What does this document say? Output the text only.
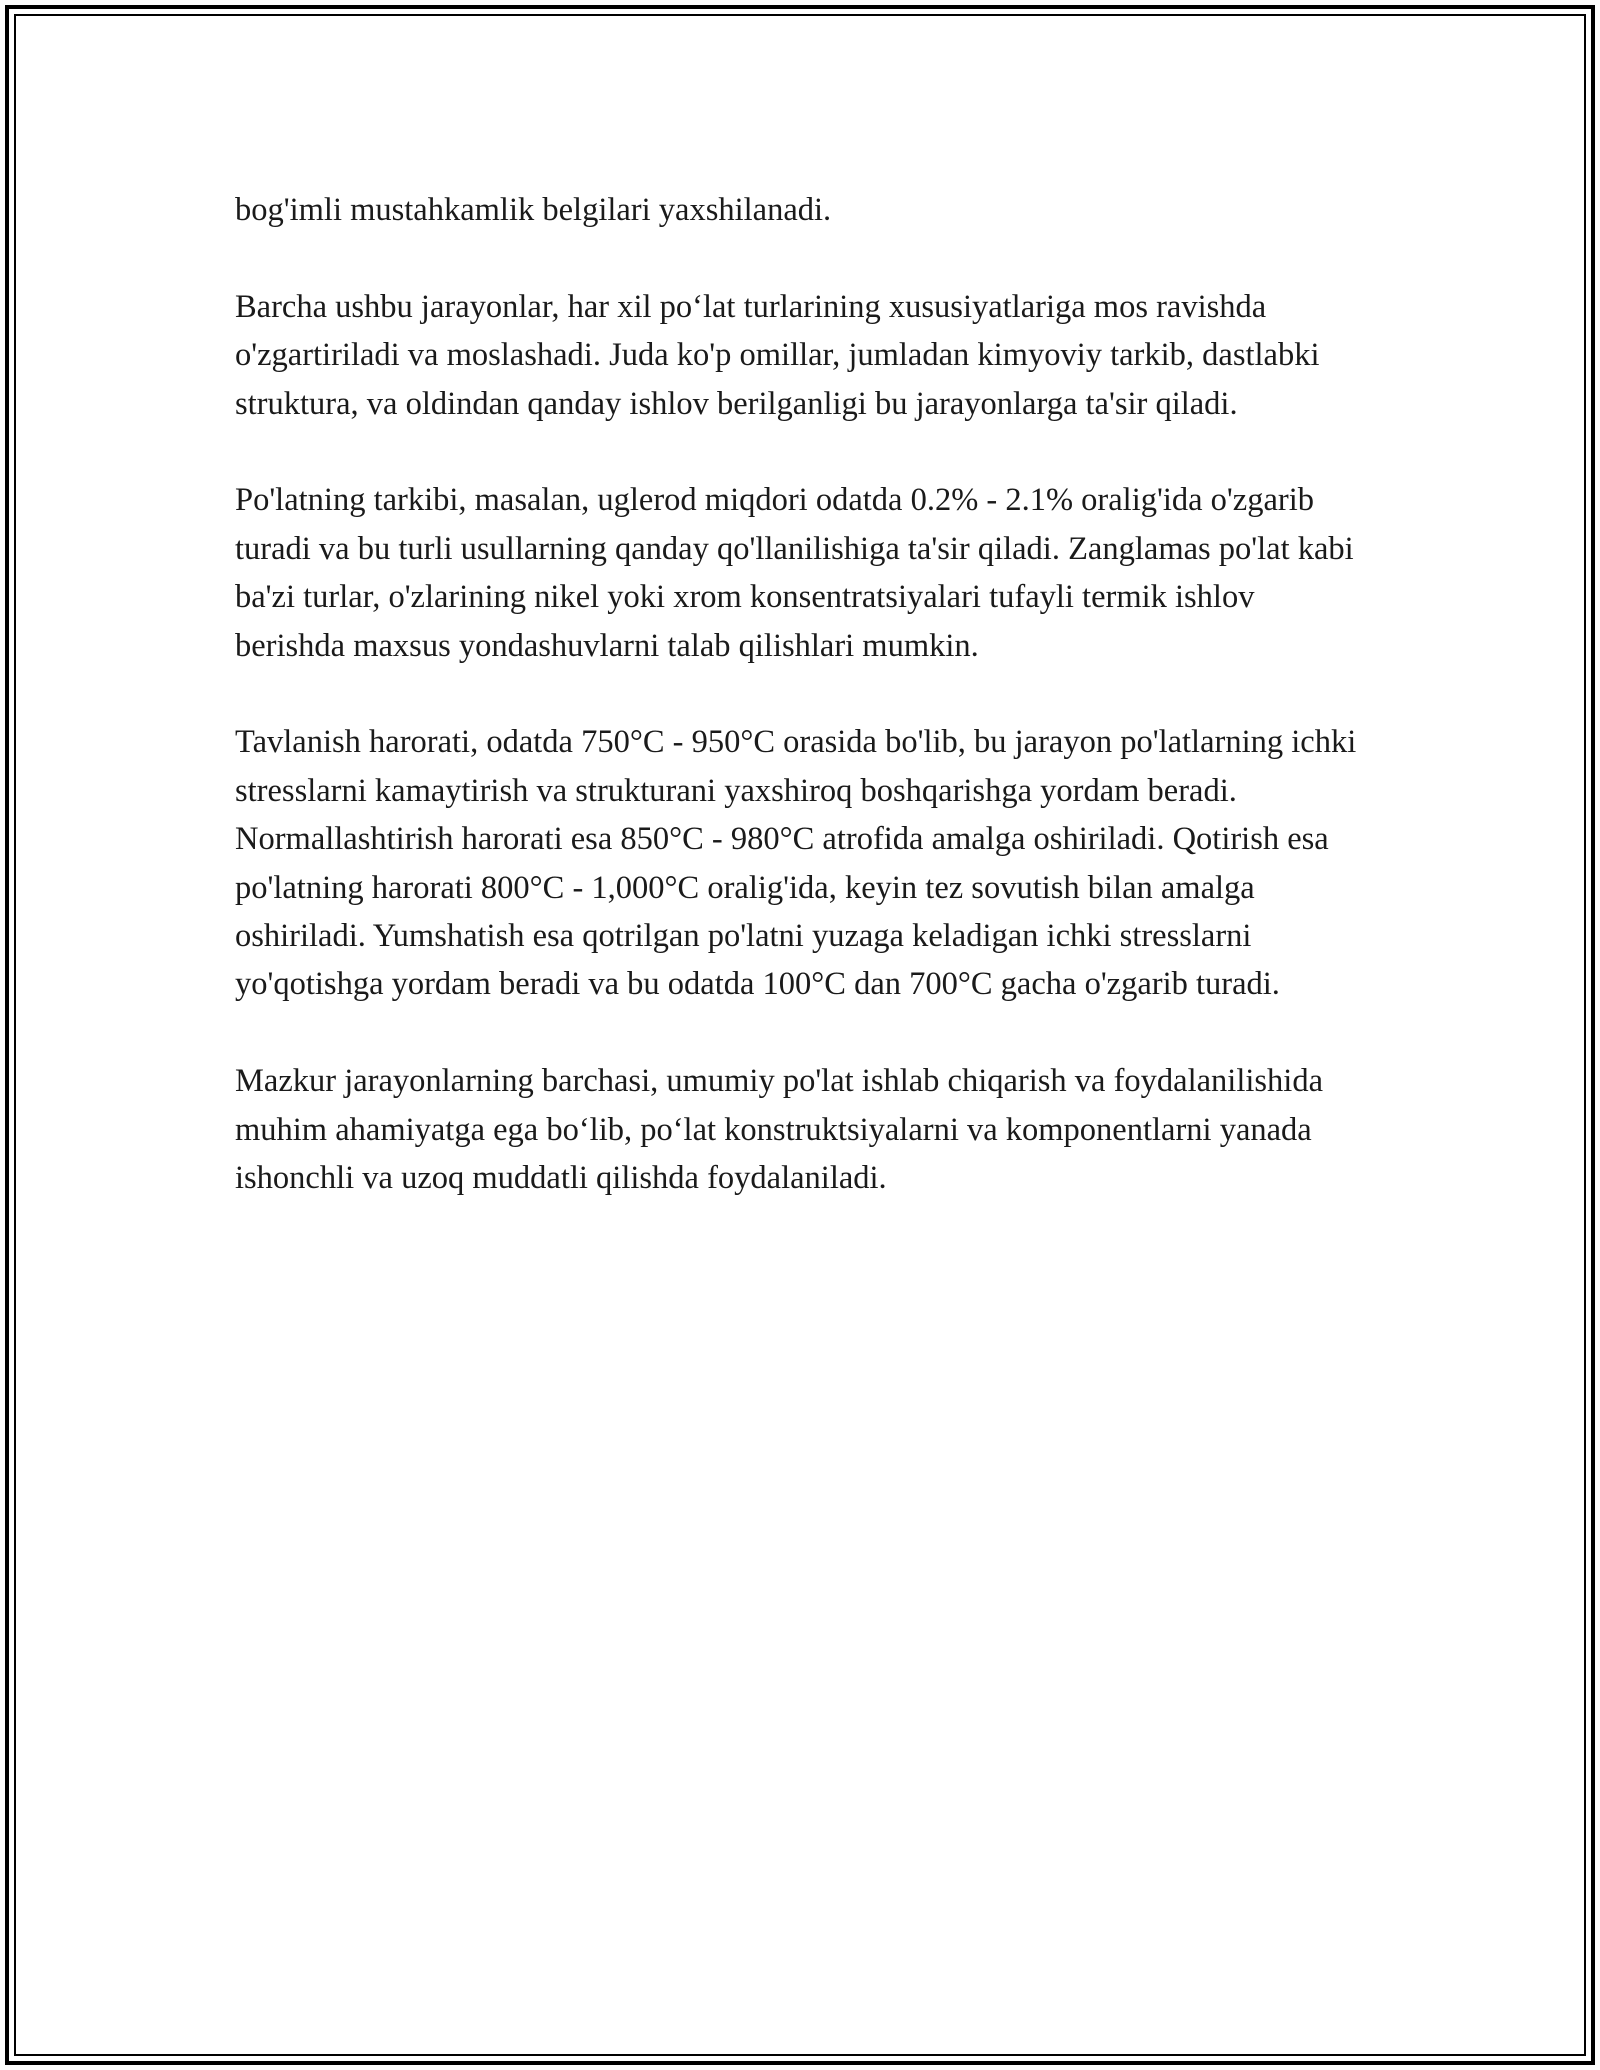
bog'imli mustahkamlik belgilari yaxshilanadi.

Barcha ushbu jarayonlar, har xil po‘lat turlarining xususiyatlariga mos ravishda o'zgartiriladi va moslashadi. Juda ko'p omillar, jumladan kimyoviy tarkib, dastlabki struktura, va oldindan qanday ishlov berilganligi bu jarayonlarga ta'sir qiladi.

Po'latning tarkibi, masalan, uglerod miqdori odatda 0.2% - 2.1% oralig'ida o'zgarib turadi va bu turli usullarning qanday qo'llanilishiga ta'sir qiladi. Zanglamas po'lat kabi ba'zi turlar, o'zlarining nikel yoki xrom konsentratsiyalari tufayli termik ishlov berishda maxsus yondashuvlarni talab qilishlari mumkin.

Tavlanish harorati, odatda 750°C - 950°C orasida bo'lib, bu jarayon po'latlarning ichki stresslarni kamaytirish va strukturani yaxshiroq boshqarishga yordam beradi. Normallashtirish harorati esa 850°C - 980°C atrofida amalga oshiriladi. Qotirish esa po'latning harorati 800°C - 1,000°C oralig'ida, keyin tez sovutish bilan amalga oshiriladi. Yumshatish esa qotrilgan po'latni yuzaga keladigan ichki stresslarni yo'qotishga yordam beradi va bu odatda 100°C dan 700°C gacha o'zgarib turadi.

Mazkur jarayonlarning barchasi, umumiy po'lat ishlab chiqarish va foydalanilishida muhim ahamiyatga ega bo‘lib, po‘lat konstruktsiyalarni va komponentlarni yanada ishonchli va uzoq muddatli qilishda foydalaniladi.
